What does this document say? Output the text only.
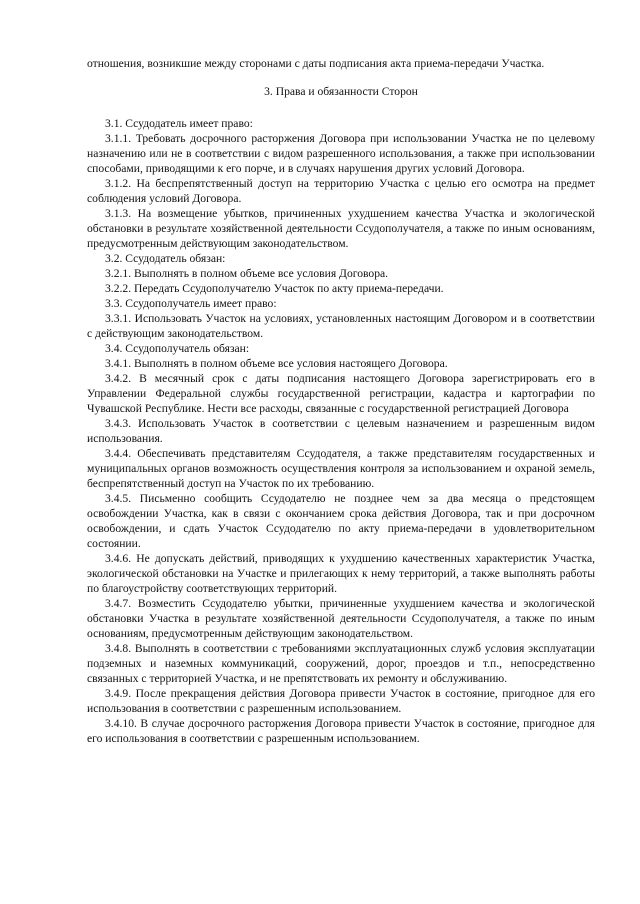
отношения, возникшие между сторонами с даты подписания акта приема-передачи Участка.

3. Права и обязанности Сторон

3.1. Ссудодатель имеет право:

3.1.1. Требовать досрочного расторжения Договора при использовании Участка не по целевому назначению или не в соответствии с видом разрешенного использования, а также при использовании способами, приводящими к его порче, и в случаях нарушения других условий Договора.

3.1.2. На беспрепятственный доступ на территорию Участка с целью его осмотра на предмет соблюдения условий Договора.

3.1.3. На возмещение убытков, причиненных ухудшением качества Участка и экологической обстановки в результате хозяйственной деятельности Ссудополучателя, а также по иным основаниям, предусмотренным действующим законодательством.

3.2. Ссудодатель обязан:

3.2.1. Выполнять в полном объеме все условия Договора.

3.2.2. Передать Ссудополучателю Участок по акту приема-передачи.

3.3. Ссудополучатель имеет право:

3.3.1. Использовать Участок на условиях, установленных настоящим Договором и в соответствии с действующим законодательством.

3.4. Ссудополучатель обязан:

3.4.1. Выполнять в полном объеме все условия настоящего Договора.

3.4.2. В месячный срок с даты подписания настоящего Договора зарегистрировать его в Управлении Федеральной службы государственной регистрации, кадастра и картографии по Чувашской Республике. Нести все расходы, связанные с государственной регистрацией Договора

3.4.3. Использовать Участок в соответствии с целевым назначением и разрешенным видом использования.

3.4.4. Обеспечивать представителям Ссудодателя, а также представителям государственных и муниципальных органов возможность осуществления контроля за использованием и охраной земель, беспрепятственный доступ на Участок по их требованию.

3.4.5. Письменно сообщить Ссудодателю не позднее чем за два месяца о предстоящем освобождении Участка, как в связи с окончанием срока действия Договора, так и при досрочном освобождении, и сдать Участок Ссудодателю по акту приема-передачи в удовлетворительном состоянии.

3.4.6. Не допускать действий, приводящих к ухудшению качественных характеристик Участка, экологической обстановки на Участке и прилегающих к нему территорий, а также выполнять работы по благоустройству соответствующих территорий.

3.4.7. Возместить Ссудодателю убытки, причиненные ухудшением качества и экологической обстановки Участка в результате хозяйственной деятельности Ссудополучателя, а также по иным основаниям, предусмотренным действующим законодательством.

3.4.8. Выполнять в соответствии с требованиями эксплуатационных служб условия эксплуатации подземных и наземных коммуникаций, сооружений, дорог, проездов и т.п., непосредственно связанных с территорией Участка, и не препятствовать их ремонту и обслуживанию.

3.4.9. После прекращения действия Договора привести Участок в состояние, пригодное для его использования в соответствии с разрешенным использованием.

3.4.10. В случае досрочного расторжения Договора привести Участок в состояние, пригодное для его использования в соответствии с разрешенным использованием.
